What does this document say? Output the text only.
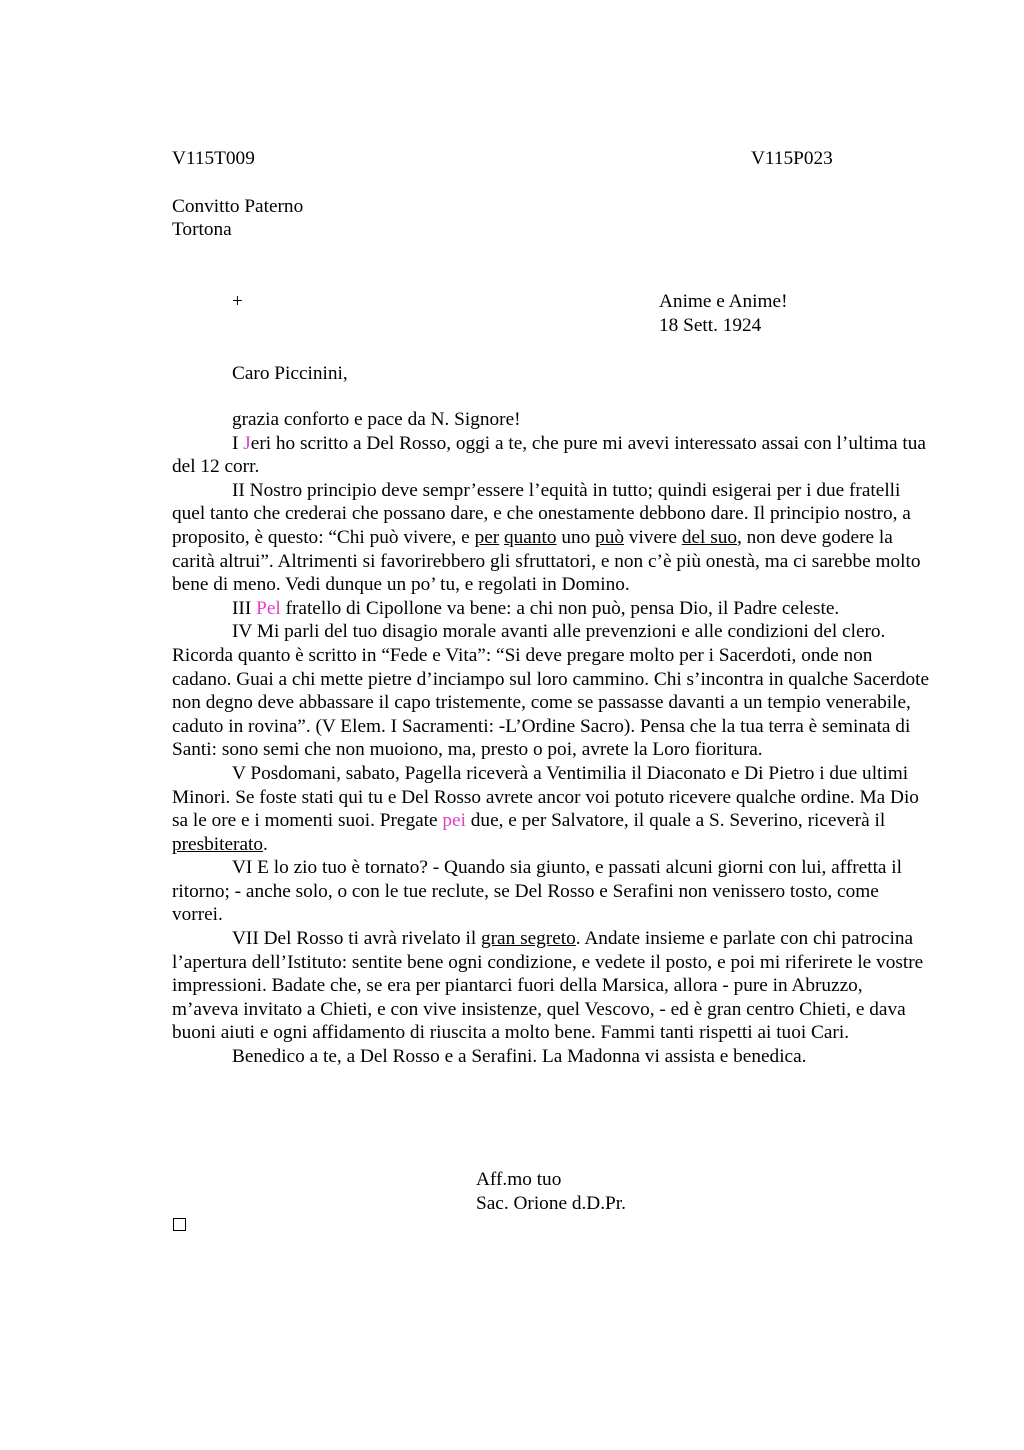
V115T009	V115P023
Convitto Paterno
Tortona
+	Anime e Anime!
18 Sett. 1924
Caro Piccinini,

grazia conforto e pace da N. Signore!

I Jeri ho scritto a Del Rosso, oggi a te, che pure mi avevi interessato assai con l’ultima tua del 12 corr.

II Nostro principio deve sempr’essere l’equità in tutto; quindi esigerai per i due fratelli quel tanto che crederai che possano dare, e che onestamente debbono dare. Il principio nostro, a proposito, è questo: “Chi può vivere, e per quanto uno può vivere del suo, non deve godere la carità altrui”. Altrimenti si favorirebbero gli sfruttatori, e non c’è più onestà, ma ci sarebbe molto bene di meno. Vedi dunque un po’ tu, e regolati in Domino.

III Pel fratello di Cipollone va bene: a chi non può, pensa Dio, il Padre celeste.

IV Mi parli del tuo disagio morale avanti alle prevenzioni e alle condizioni del clero. Ricorda quanto è scritto in “Fede e Vita”: “Si deve pregare molto per i Sacerdoti, onde non cadano. Guai a chi mette pietre d’inciampo sul loro cammino. Chi s’incontra in qualche Sacerdote non degno deve abbassare il capo tristemente, come se passasse davanti a un tempio venerabile, caduto in rovina”. (V Elem. I Sacramenti: -L’Ordine Sacro). Pensa che la tua terra è seminata di Santi: sono semi che non muoiono, ma, presto o poi, avrete la Loro fioritura.

V Posdomani, sabato, Pagella riceverà a Ventimilia il Diaconato e Di Pietro i due ultimi Minori. Se foste stati qui tu e Del Rosso avrete ancor voi potuto ricevere qualche ordine. Ma Dio sa le ore e i momenti suoi. Pregate pei due, e per Salvatore, il quale a S. Severino, riceverà il presbiterato.

VI E lo zio tuo è tornato? - Quando sia giunto, e passati alcuni giorni con lui, affretta il ritorno; - anche solo, o con le tue reclute, se Del Rosso e Serafini non venissero tosto, come vorrei.

VII Del Rosso ti avrà rivelato il gran segreto. Andate insieme e parlate con chi patrocina l’apertura dell’Istituto: sentite bene ogni condizione, e vedete il posto, e poi mi riferirete le vostre impressioni. Badate che, se era per piantarci fuori della Marsica, allora - pure in Abruzzo, m’aveva invitato a Chieti, e con vive insistenze, quel Vescovo, - ed è gran centro Chieti, e dava buoni aiuti e ogni affidamento di riuscita a molto bene. Fammi tanti rispetti ai tuoi Cari.

Benedico a te, a Del Rosso e a Serafini. La Madonna vi assista e benedica.

Aff.mo tuo
Sac. Orione d.D.Pr.
